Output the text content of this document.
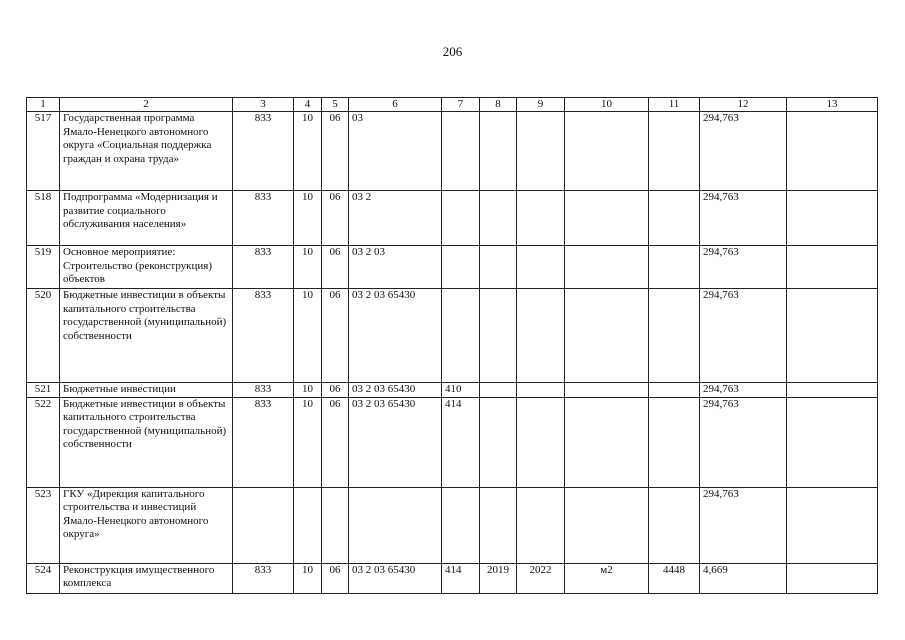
206
1	2	3	4	5	6	7	8	9	10	11	12	13
517	Государственная программа Ямало-Ненецкого автономного округа «Социальная поддержка граждан и охрана труда»	833	10	06	03						294,763	
518	Подпрограмма «Модернизация и развитие социального обслуживания населения»	833	10	06	03 2						294,763	
519	Основное мероприятие: Строительство (реконструкция) объектов	833	10	06	03 2 03						294,763	
520	Бюджетные инвестиции в объекты капитального строительства государственной (муниципальной) собственности	833	10	06	03 2 03 65430						294,763	
521	Бюджетные инвестиции	833	10	06	03 2 03 65430	410					294,763	
522	Бюджетные инвестиции в объекты капитального строительства государственной (муниципальной) собственности	833	10	06	03 2 03 65430	414					294,763	
523	ГКУ «Дирекция капитального строительства и инвестиций Ямало-Ненецкого автономного округа»										294,763	
524	Реконструкция имущественного комплекса	833	10	06	03 2 03 65430	414	2019	2022	м2	4448	4,669	
